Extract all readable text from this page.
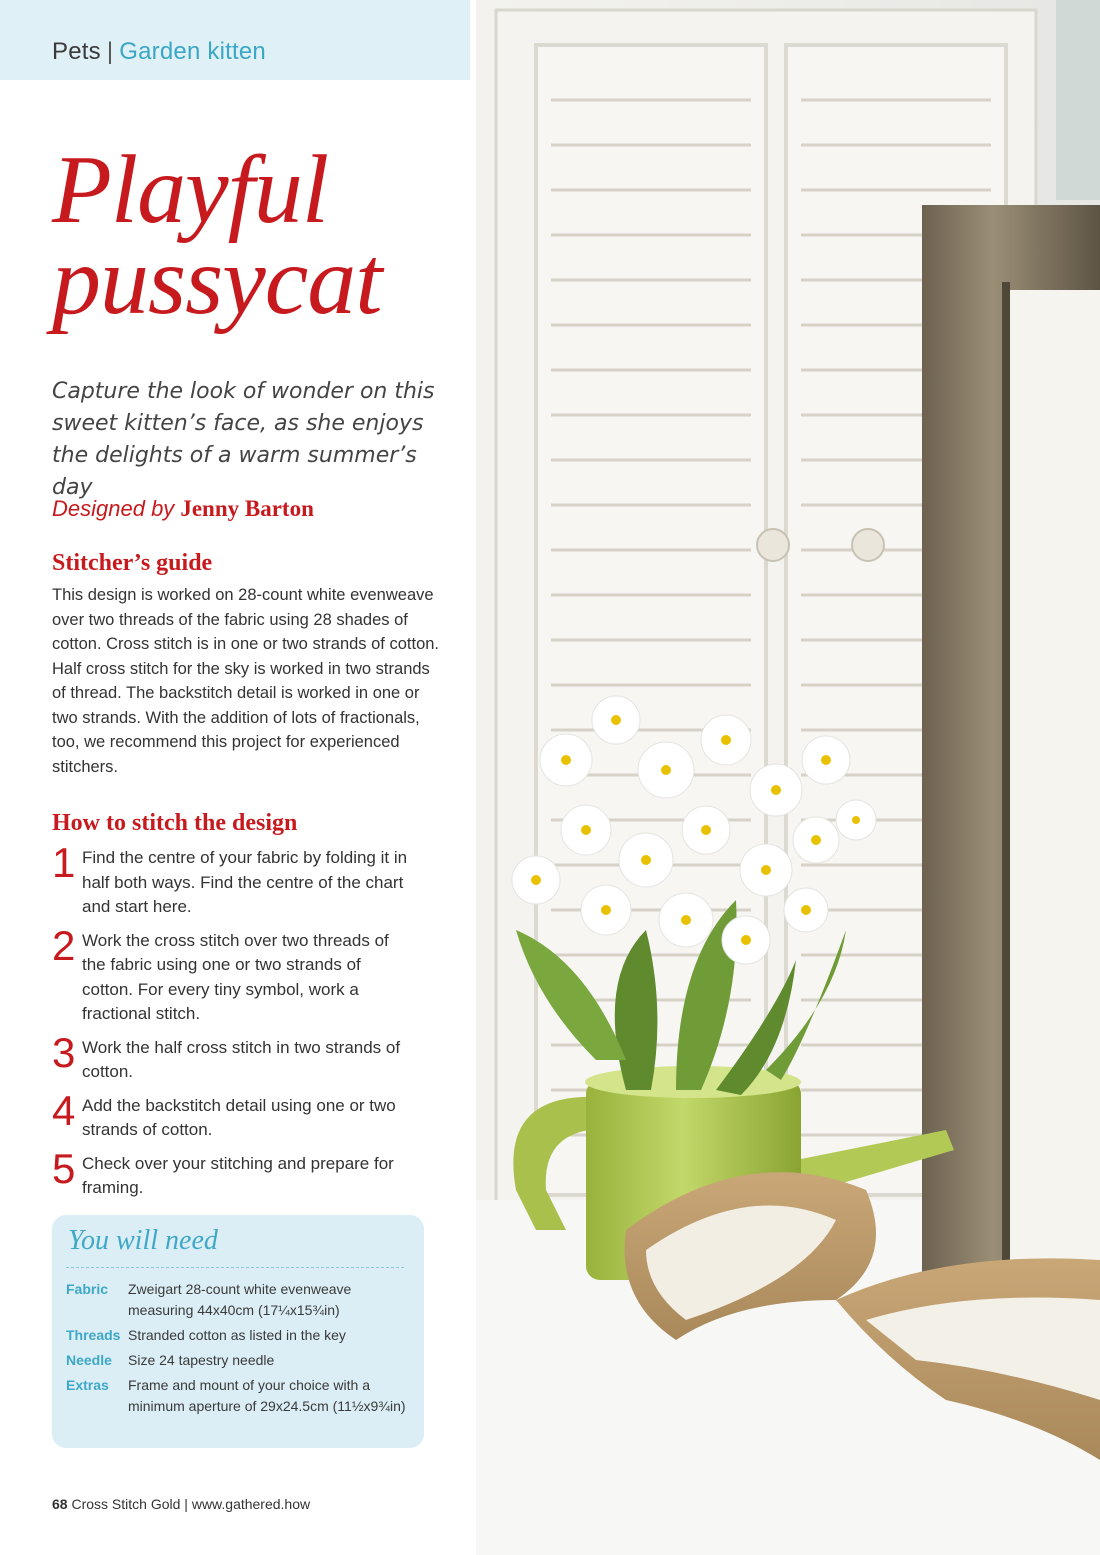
Pets | Garden kitten
Playful
pussycat

Capture the look of wonder on this sweet kitten’s face, as she enjoys the delights of a warm summer’s day

Designed by Jenny Barton
Stitcher’s guide

This design is worked on 28-count white evenweave over two threads of the fabric using 28 shades of cotton. Cross stitch is in one or two strands of cotton. Half cross stitch for the sky is worked in two strands of thread. The backstitch detail is worked in one or two strands. With the addition of lots of fractionals, too, we recommend this project for experienced stitchers.

How to stitch the design
1 Find the centre of your fabric by folding it in half both ways. Find the centre of the chart and start here.
2 Work the cross stitch over two threads of the fabric using one or two strands of cotton. For every tiny symbol, work a fractional stitch.
3 Work the half cross stitch in two strands of cotton.
4 Add the backstitch detail using one or two strands of cotton.
5 Check over your stitching and prepare for framing.
You will need
Fabric	Zweigart 28-count white evenweave measuring 44x40cm (17¼x15¾in)
Threads Stranded cotton as listed in the key
Needle	Size 24 tapestry needle
Extras	Frame and mount of your choice with a minimum aperture of 29x24.5cm (11½x9¾in)
68 Cross Stitch Gold | www.gathered.how
